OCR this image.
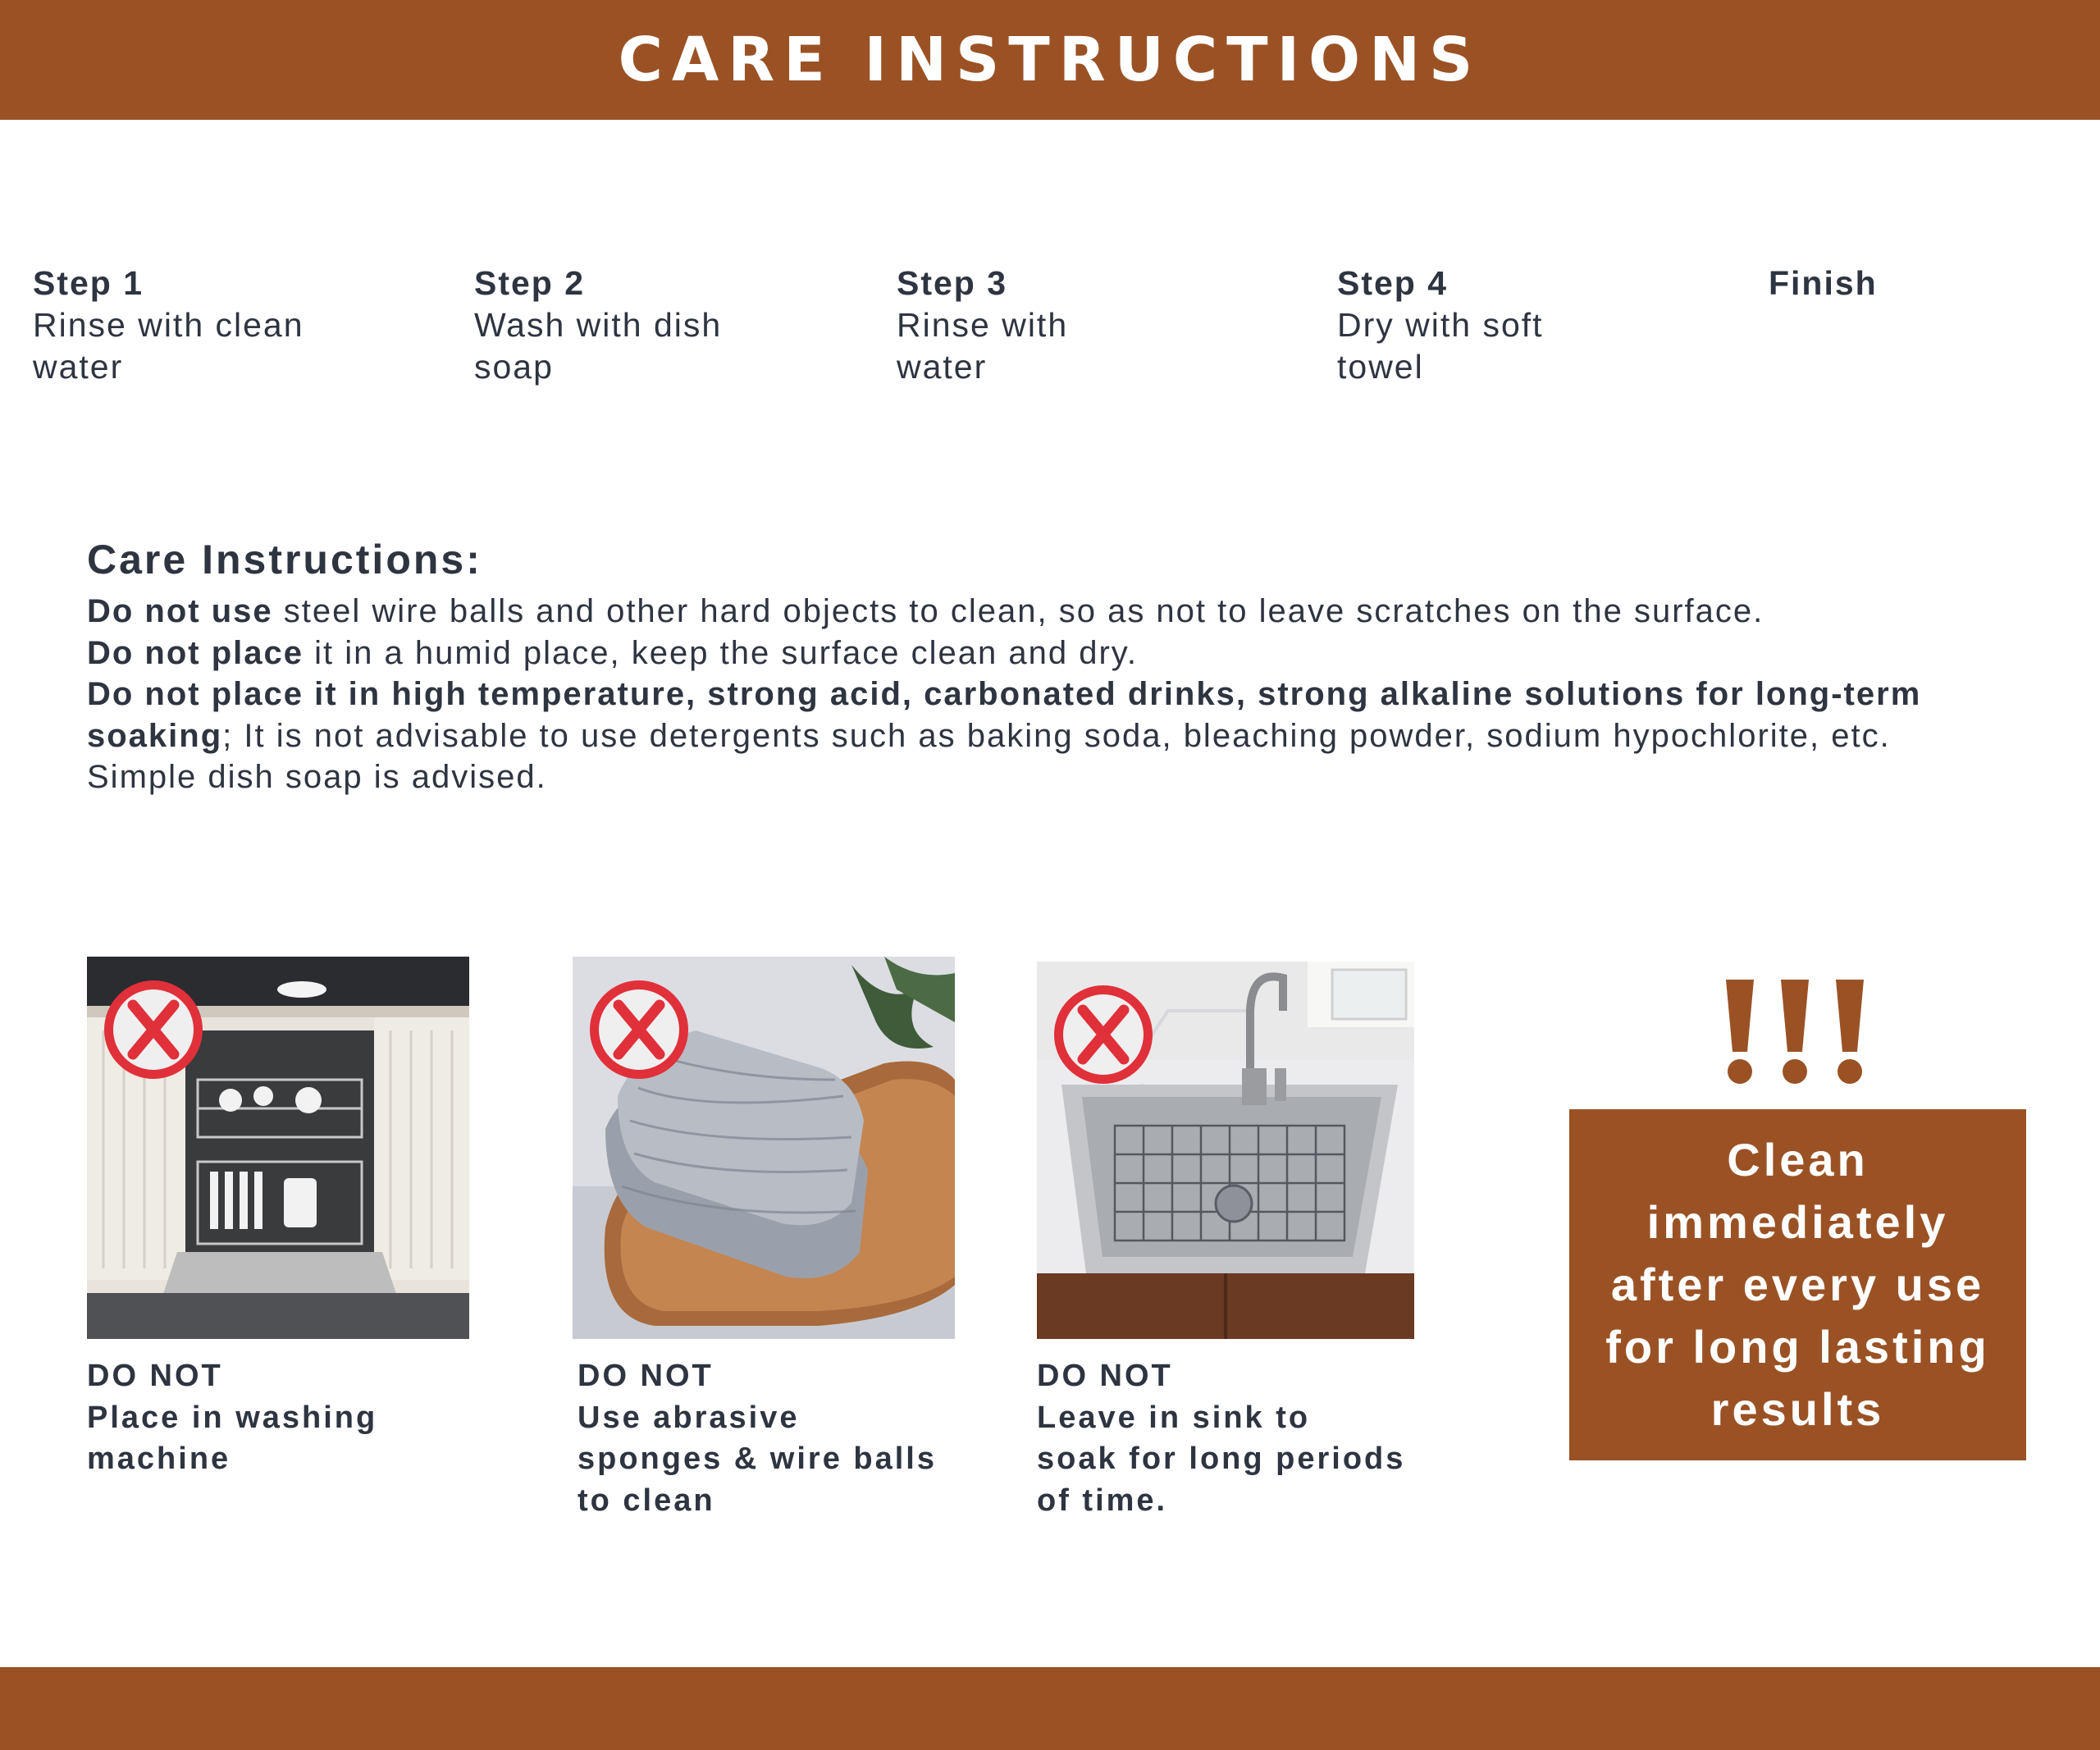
CARE INSTRUCTIONS
Step 1
Rinse with clean water
Step 2
Wash with dish soap
Step 3
Rinse with water
Step 4
Dry with soft towel
Finish
Care Instructions:

Do not use steel wire balls and other hard objects to clean, so as not to leave scratches on the surface.

Do not place it in a humid place, keep the surface clean and dry.

Do not place it in high temperature, strong acid, carbonated drinks, strong alkaline solutions for long-term soaking; It is not advisable to use detergents such as baking soda, bleaching powder, sodium hypochlorite, etc. Simple dish soap is advised.

DO NOT
Place in washing
machine
DO NOT
Use abrasive
sponges & wire balls
to clean
DO NOT
Leave in sink to
soak for long periods
of time.
Clean immediately after every use for long lasting results
